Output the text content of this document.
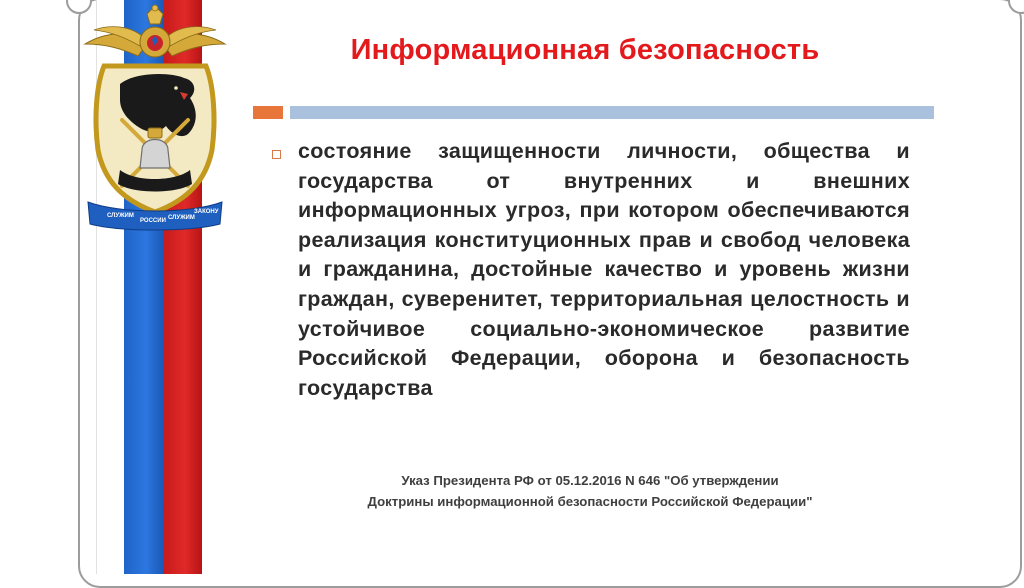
СЛУЖИМ
РОССИИ СЛУЖИМ
ЗАКОНУ
Информационная безопасность
состояние защищенности личности, общества и государства от внутренних и внешних информационных угроз, при котором обеспечиваются реализация конституционных прав и свобод человека и гражданина, достойные качество и уровень жизни граждан, суверенитет, территориальная целостность и устойчивое социально-экономическое развитие Российской Федерации, оборона и безопасность государства
Указ Президента РФ от 05.12.2016 N 646 "Об утверждении
Доктрины информационной безопасности Российской Федерации"
